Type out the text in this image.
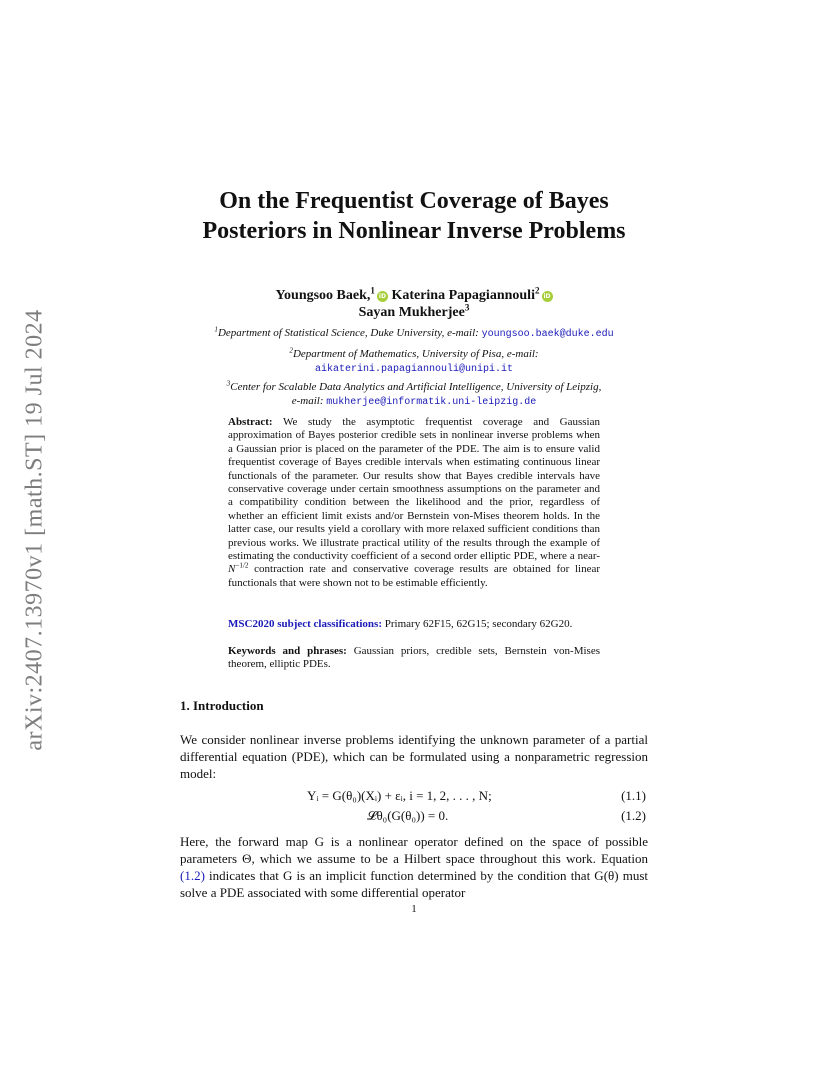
arXiv:2407.13970v1 [math.ST] 19 Jul 2024
On the Frequentist Coverage of Bayes Posteriors in Nonlinear Inverse Problems
Youngsoo Baek,$^1$iD Katerina Papagiannouli$^2$iD
Sayan Mukherjee$^3$
$^1$Department of Statistical Science, Duke University, e-mail: youngsoo.baek@duke.edu
$^2$Department of Mathematics, University of Pisa, e-mail:
aikaterini.papagiannouli@unipi.it
$^3$Center for Scalable Data Analytics and Artificial Intelligence, University of Leipzig,
e-mail: mukherjee@informatik.uni-leipzig.de
Abstract: We study the asymptotic frequentist coverage and Gaussian approximation of Bayes posterior credible sets in nonlinear inverse problems when a Gaussian prior is placed on the parameter of the PDE. The aim is to ensure valid frequentist coverage of Bayes credible intervals when estimating continuous linear functionals of the parameter. Our results show that Bayes credible intervals have conservative coverage under certain smoothness assumptions on the parameter and a compatibility condition between the likelihood and the prior, regardless of whether an efficient limit exists and/or Bernstein von-Mises theorem holds. In the latter case, our results yield a corollary with more relaxed sufficient conditions than previous works. We illustrate practical utility of the results through the example of estimating the conductivity coefficient of a second order elliptic PDE, where a near-$N^{-1/2}$ contraction rate and conservative coverage results are obtained for linear functionals that were shown not to be estimable efficiently.
MSC2020 subject classifications: Primary 62F15, 62G15; secondary 62G20.
Keywords and phrases: Gaussian priors, credible sets, Bernstein von-Mises theorem, elliptic PDEs.
1. Introduction
We consider nonlinear inverse problems identifying the unknown parameter of a partial differential equation (PDE), which can be formulated using a nonparametric regression model:
Yᵢ = G(θ₀)(Xᵢ) + εᵢ, i = 1, 2, . . . , N;	(1.1)
𝓛θ₀(G(θ₀)) = 0.	(1.2)
Here, the forward map G is a nonlinear operator defined on the space of possible parameters Θ, which we assume to be a Hilbert space throughout this work. Equation (1.2) indicates that G is an implicit function determined by the condition that G(θ) must solve a PDE associated with some differential operator
1
